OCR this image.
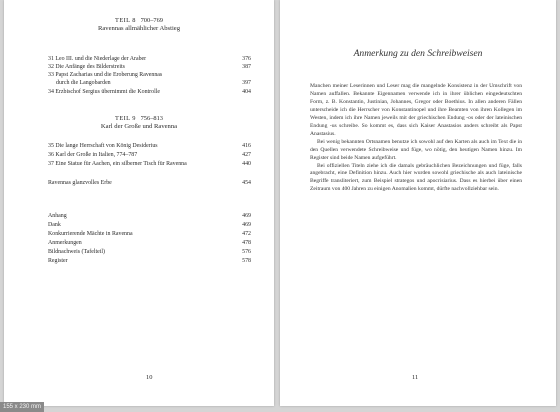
TEIL 8 700–769
Ravennas allmählicher Abstieg
31 Leo III. und die Niederlage der Araber	376
32 Die Anfänge des Bilderstreits	387
33 Papst Zacharias und die Eroberung Ravennas
durch die Langobarden	397
34 Erzbischof Sergius übernimmt die Kontrolle	404
TEIL 9 756–813
Karl der Große und Ravenna
35 Die lange Herrschaft von König Desiderius	416
36 Karl der Große in Italien, 774–787	427
37 Eine Statue für Aachen, ein silberner Tisch für Ravenna	440
Ravennas glanzvolles Erbe	454
Anhang	469
Dank	469
Konkurrierende Mächte in Ravenna	472
Anmerkungen	478
Bildnachweis (Tafelteil)	576
Register	578
10
Anmerkung zu den Schreibweisen

Manchen meiner Leserinnen und Leser mag die mangelnde Konsistenz in der Umschrift von Namen auffallen. Bekannte Eigennamen verwende ich in ihrer üblichen eingedeutschten Form, z. B. Konstantin, Justinian, Johannes, Gregor oder Boethius. In allen anderen Fällen unterscheide ich die Herrscher von Konstantinopel und ihre Beamten von ihren Kollegen im Westen, indem ich ihre Namen jeweils mit der griechischen Endung -os oder der lateinischen Endung -us schreibe. So kommt es, dass sich Kaiser Anastasios anders schreibt als Papst Anastasius.

Bei wenig bekannten Ortsnamen benutze ich sowohl auf den Karten als auch im Text die in den Quellen verwendete Schreibweise und füge, wo nötig, den heutigen Namen hinzu. Im Register sind beide Namen aufgeführt.

Bei offiziellen Titeln ziehe ich die damals gebräuchlichen Bezeichnungen und füge, falls angebracht, eine Definition hinzu. Auch hier wurden sowohl griechische als auch lateinische Begriffe transliteriert, zum Beispiel strategos und apocrisiarius. Dass es hierbei über einen Zeitraum von 400 Jahren zu einigen Anomalien kommt, dürfte nachvollziehbar sein.

11
155 x 230 mm
